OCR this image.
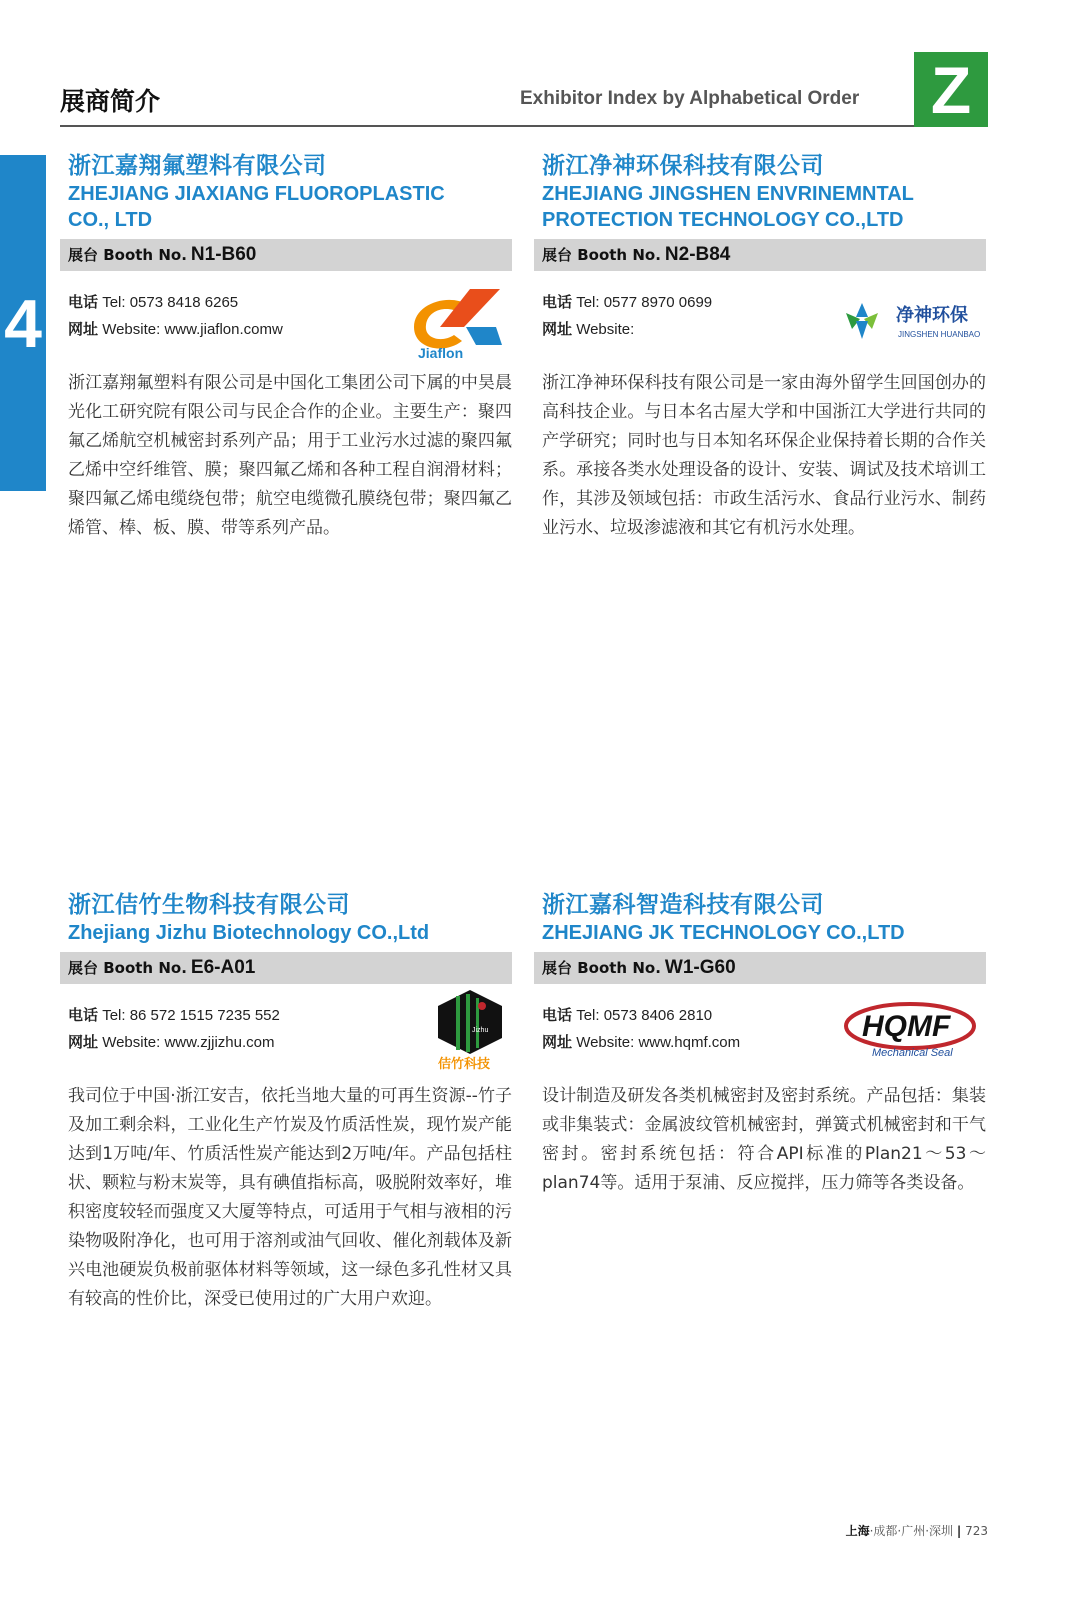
展商简介	Exhibitor Index by Alphabetical Order Z
4
浙江嘉翔氟塑料有限公司
ZHEJIANG JIAXIANG FLUOROPLASTIC CO., LTD
展台 Booth No. N1-B60
电话 Tel: 0573 8418 6265
网址 Website: www.jiaflon.comw
Jiaflon
浙江嘉翔氟塑料有限公司是中国化工集团公司下属的中昊晨光化工研究院有限公司与民企合作的企业。主要生产：聚四氟乙烯航空机械密封系列产品；用于工业污水过滤的聚四氟乙烯中空纤维管、膜；聚四氟乙烯和各种工程自润滑材料；聚四氟乙烯电缆绕包带；航空电缆微孔膜绕包带；聚四氟乙烯管、棒、板、膜、带等系列产品。
浙江净神环保科技有限公司
ZHEJIANG JINGSHEN ENVRINEMNTAL PROTECTION TECHNOLOGY CO.,LTD
展台 Booth No. N2-B84
电话 Tel: 0577 8970 0699
网址 Website:
净神环保
JINGSHEN HUANBAO
浙江净神环保科技有限公司是一家由海外留学生回国创办的高科技企业。与日本名古屋大学和中国浙江大学进行共同的产学研究；同时也与日本知名环保企业保持着长期的合作关系。承接各类水处理设备的设计、安装、调试及技术培训工作，其涉及领域包括：市政生活污水、食品行业污水、制药业污水、垃圾渗滤液和其它有机污水处理。
浙江佶竹生物科技有限公司
Zhejiang Jizhu Biotechnology CO.,Ltd
展台 Booth No. E6-A01
电话 Tel: 86 572 1515 7235 552
网址 Website: www.zjjizhu.com
Jizhu
佶竹科技
我司位于中国·浙江安吉，依托当地大量的可再生资源--竹子及加工剩余料，工业化生产竹炭及竹质活性炭，现竹炭产能达到1万吨/年、竹质活性炭产能达到2万吨/年。产品包括柱状、颗粒与粉末炭等，具有碘值指标高，吸脱附效率好，堆积密度较轻而强度又大厦等特点，可适用于气相与液相的污染物吸附净化，也可用于溶剂或油气回收、催化剂载体及新兴电池硬炭负极前驱体材料等领域，这一绿色多孔性材又具有较高的性价比，深受已使用过的广大用户欢迎。
浙江嘉科智造科技有限公司
ZHEJIANG JK TECHNOLOGY CO.,LTD
展台 Booth No. W1-G60
电话 Tel: 0573 8406 2810
网址 Website: www.hqmf.com	HQMF
Mechanical Seal
设计制造及研发各类机械密封及密封系统。产品包括：集装或非集装式：金属波纹管机械密封，弹簧式机械密封和干气密封。密封系统包括：符合API标准的Plan21～53～plan74等。适用于泵浦、反应搅拌，压力筛等各类设备。
上海·成都·广州·深圳 | 723
